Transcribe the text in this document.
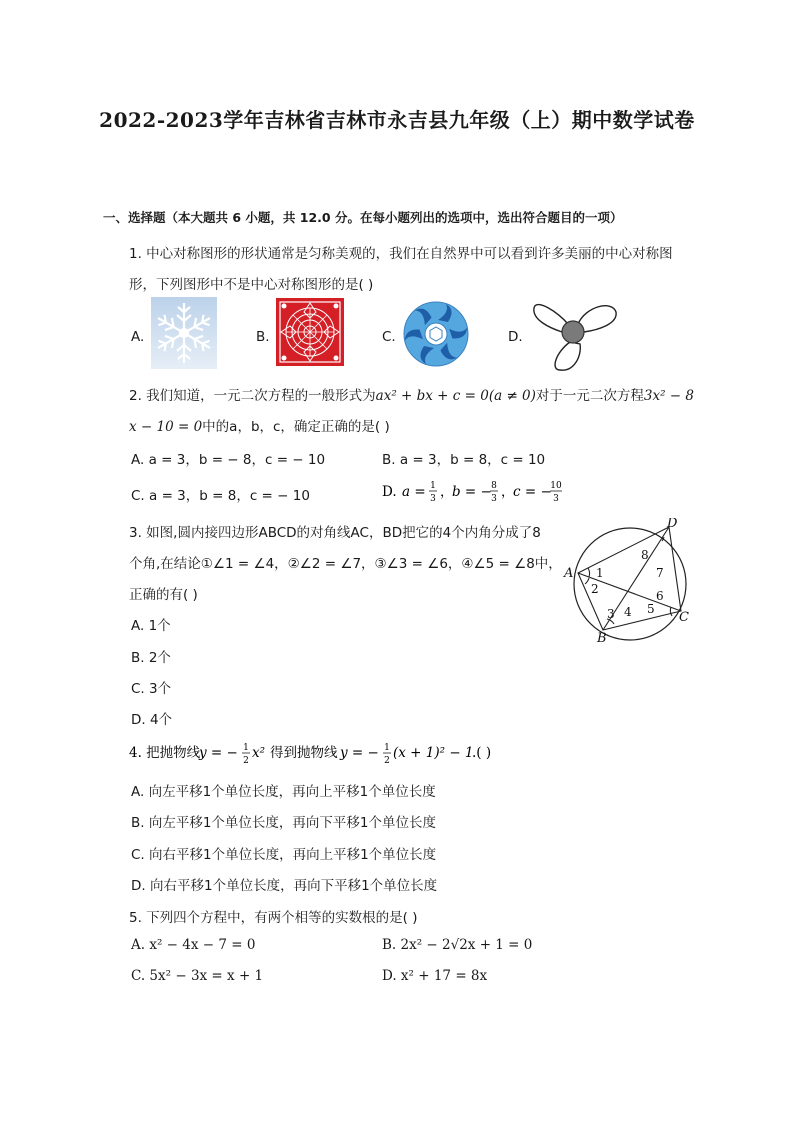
2022-2023学年吉林省吉林市永吉县九年级（上）期中数学试卷
一、选择题（本大题共 6 小题，共 12.0 分。在每小题列出的选项中，选出符合题目的一项）
1. 中心对称图形的形状通常是匀称美观的，我们在自然界中可以看到许多美丽的中心对称图
形，下列图形中不是中心对称图形的是( )
A.	B.	C.	D.
2. 我们知道，一元二次方程的一般形式为ax² + bx + c = 0(a ≠ 0)对于一元二次方程3x² − 8
x − 10 = 0中的a，b，c，确定正确的是( )
A. a = 3，b = − 8，c = − 10	B. a = 3，b = 8，c = 10
C. a = 3，b = 8，c = − 10	D. a = 1
3 ，
b = − 8
3 ，
c = −
10
3
3. 如图,圆内接四边形ABCD的对角线AC，BD把它的4个内角分成了8
个角,在结论①∠1 = ∠4，②∠2 = ∠7，③∠3 = ∠6，④∠5 = ∠8中，
正确的有( )
A. 1个
B. 2个
C. 3个
D. 4个
A
B
C
D
1
2
3 4 5
6
7
8
4. 把抛物线
y = − 1
2 x² 得到抛物线 y = − 1
2 (x + 1)² − 1
.( )
A. 向左平移1个单位长度，再向上平移1个单位长度
B. 向左平移1个单位长度，再向下平移1个单位长度
C. 向右平移1个单位长度，再向上平移1个单位长度
D. 向右平移1个单位长度，再向下平移1个单位长度
5. 下列四个方程中，有两个相等的实数根的是( )
A. x² − 4x − 7 = 0	B. 2x² − 2√2x + 1 = 0
C. 5x² − 3x = x + 1	D. x² + 17 = 8x
